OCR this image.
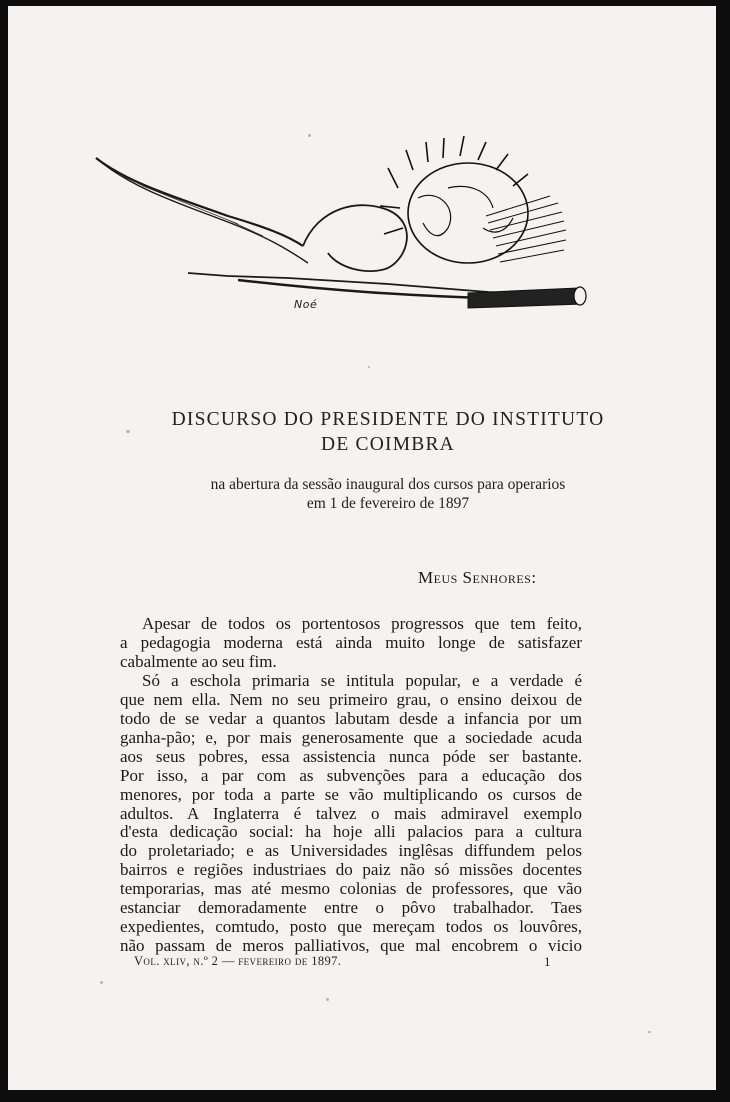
Noé
DISCURSO DO PRESIDENTE DO INSTITUTO
DE COIMBRA
na abertura da sessão inaugural dos cursos para operarios
em 1 de fevereiro de 1897
Meus Senhores:
Apesar de todos os portentosos progressos que tem feito,
a pedagogia moderna está ainda muito longe de satisfazer
cabalmente ao seu fim.
Só a eschola primaria se intitula popular, e a verdade é
que nem ella. Nem no seu primeiro grau, o ensino deixou de
todo de se vedar a quantos labutam desde a infancia por um
ganha-pão; e, por mais generosamente que a sociedade acuda
aos seus pobres, essa assistencia nunca póde ser bastante.
Por isso, a par com as subvenções para a educação dos
menores, por toda a parte se vão multiplicando os cursos de
adultos. A Inglaterra é talvez o mais admiravel exemplo
d'esta dedicação social: ha hoje alli palacios para a cultura
do proletariado; e as Universidades inglêsas diffundem pelos
bairros e regiões industriaes do paiz não só missões docentes
temporarias, mas até mesmo colonias de professores, que vão
estanciar demoradamente entre o pôvo trabalhador. Taes
expedientes, comtudo, posto que mereçam todos os louvôres,
não passam de meros palliativos, que mal encobrem o vicio
Vol. xliv, n.º 2 — fevereiro de 1897.	1
